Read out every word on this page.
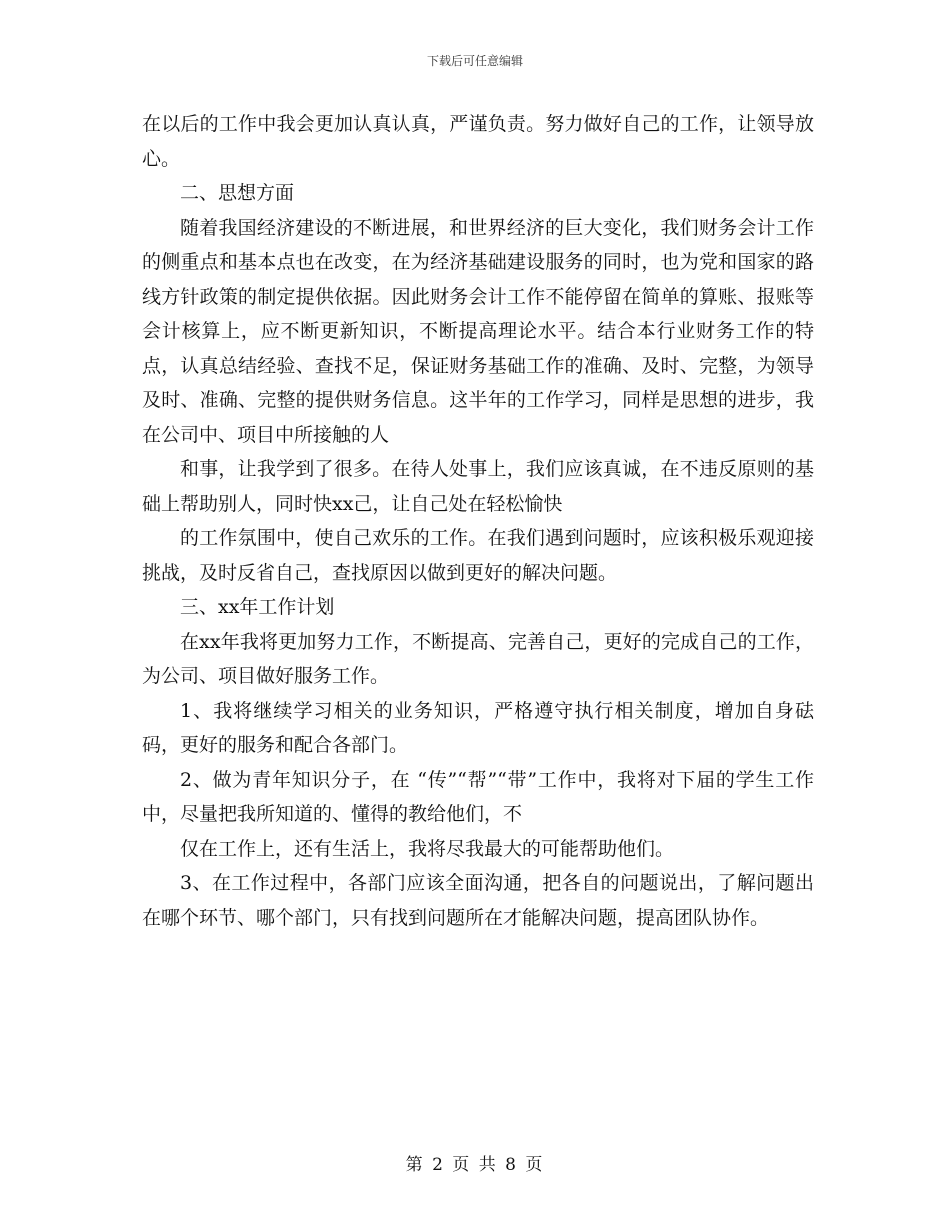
下载后可任意编辑

在以后的工作中我会更加认真认真，严谨负责。努力做好自己的工作，让领导放心。

二、思想方面

随着我国经济建设的不断进展，和世界经济的巨大变化，我们财务会计工作的侧重点和基本点也在改变，在为经济基础建设服务的同时，也为党和国家的路线方针政策的制定提供依据。因此财务会计工作不能停留在简单的算账、报账等会计核算上，应不断更新知识，不断提高理论水平。结合本行业财务工作的特点，认真总结经验、查找不足，保证财务基础工作的准确、及时、完整，为领导及时、准确、完整的提供财务信息。这半年的工作学习，同样是思想的进步，我在公司中、项目中所接触的人

和事，让我学到了很多。在待人处事上，我们应该真诚，在不违反原则的基础上帮助别人，同时快xx己，让自己处在轻松愉快

的工作氛围中，使自己欢乐的工作。在我们遇到问题时，应该积极乐观迎接挑战，及时反省自己，查找原因以做到更好的解决问题。

三、xx年工作计划

在xx年我将更加努力工作，不断提高、完善自己，更好的完成自己的工作，为公司、项目做好服务工作。

1、我将继续学习相关的业务知识，严格遵守执行相关制度，增加自身砝码，更好的服务和配合各部门。

2、做为青年知识分子，在 “传”“帮”“带”工作中，我将对下届的学生工作中，尽量把我所知道的、懂得的教给他们，不

仅在工作上，还有生活上，我将尽我最大的可能帮助他们。

3、在工作过程中，各部门应该全面沟通，把各自的问题说出，了解问题出在哪个环节、哪个部门，只有找到问题所在才能解决问题，提高团队协作。

第 2 页 共 8 页
